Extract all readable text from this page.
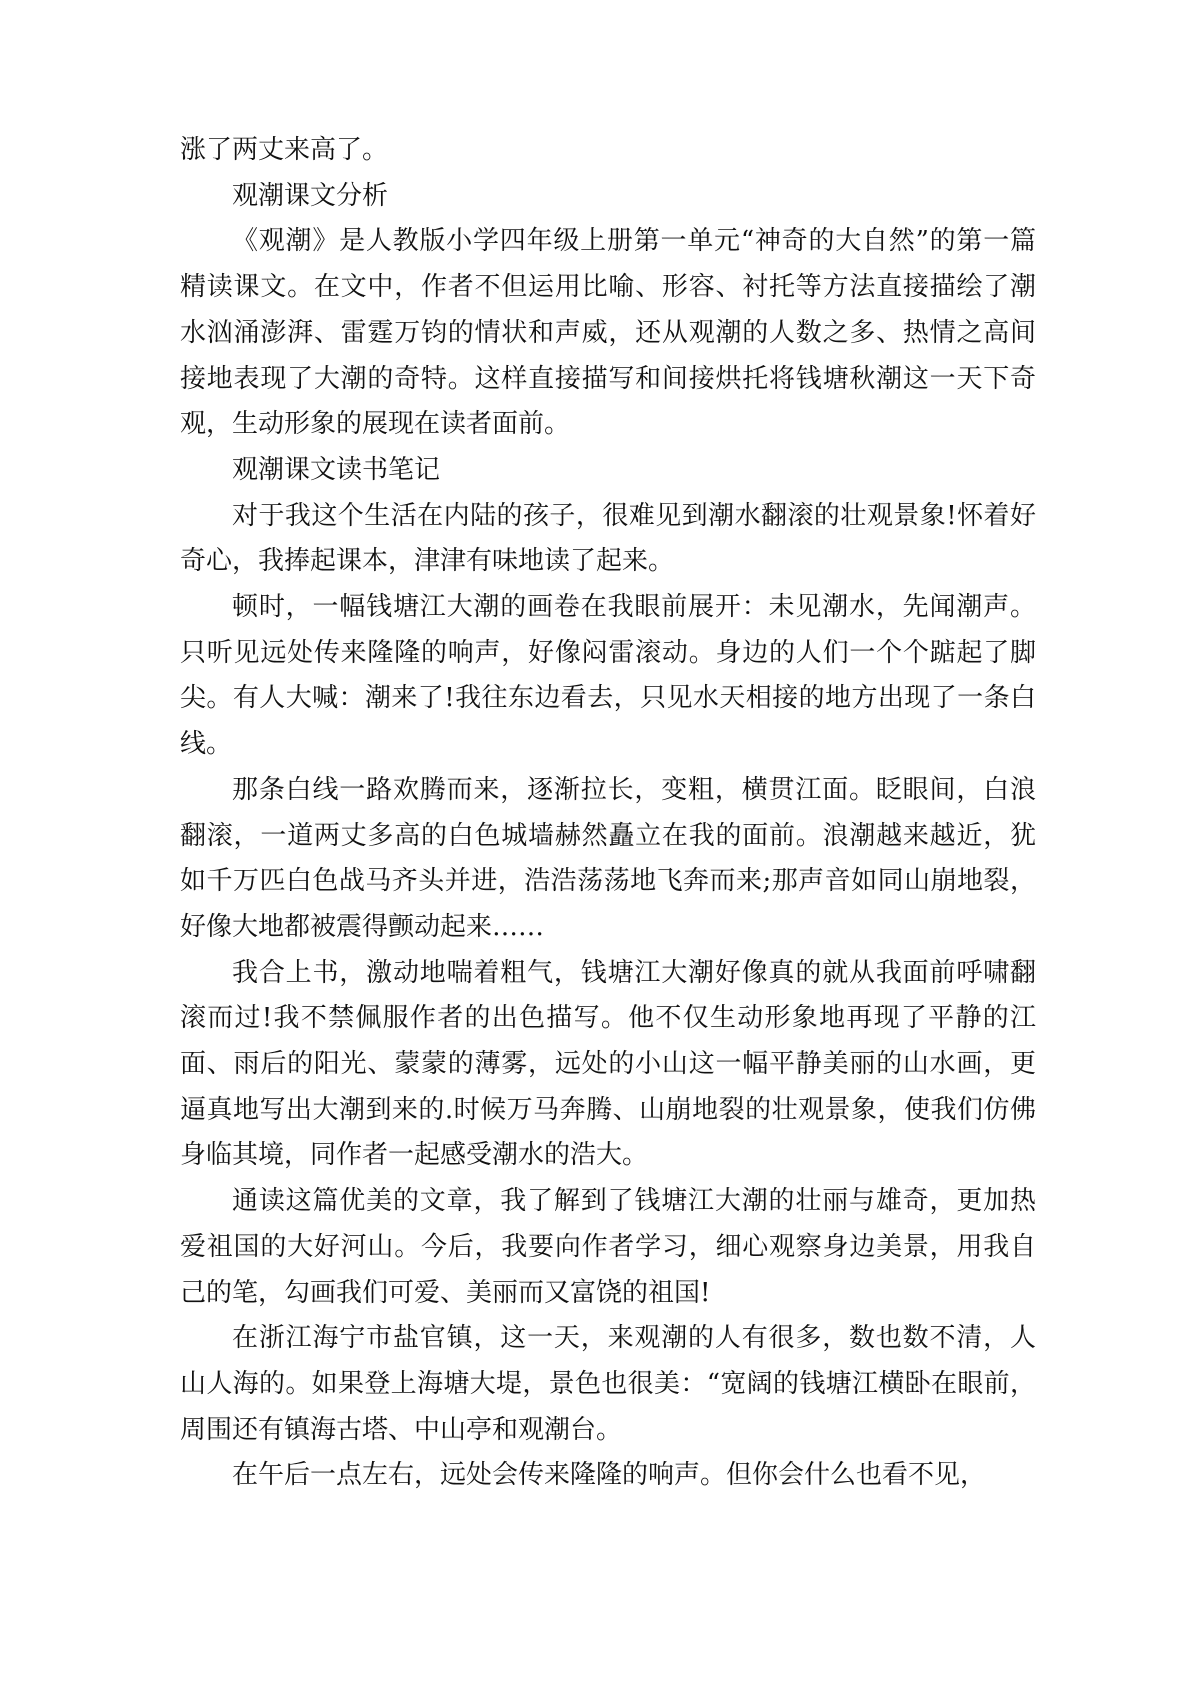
涨了两丈来高了。

观潮课文分析

《观潮》是人教版小学四年级上册第一单元“神奇的大自然”的第一篇精读课文。在文中，作者不但运用比喻、形容、衬托等方法直接描绘了潮水汹涌澎湃、雷霆万钧的情状和声威，还从观潮的人数之多、热情之高间接地表现了大潮的奇特。这样直接描写和间接烘托将钱塘秋潮这一天下奇观，生动形象的展现在读者面前。

观潮课文读书笔记

对于我这个生活在内陆的孩子，很难见到潮水翻滚的壮观景象!怀着好奇心，我捧起课本，津津有味地读了起来。

顿时，一幅钱塘江大潮的画卷在我眼前展开：未见潮水，先闻潮声。只听见远处传来隆隆的响声，好像闷雷滚动。身边的人们一个个踮起了脚尖。有人大喊：潮来了!我往东边看去，只见水天相接的地方出现了一条白线。

那条白线一路欢腾而来，逐渐拉长，变粗，横贯江面。眨眼间，白浪翻滚，一道两丈多高的白色城墙赫然矗立在我的面前。浪潮越来越近，犹如千万匹白色战马齐头并进，浩浩荡荡地飞奔而来;那声音如同山崩地裂，好像大地都被震得颤动起来……

我合上书，激动地喘着粗气，钱塘江大潮好像真的就从我面前呼啸翻滚而过!我不禁佩服作者的出色描写。他不仅生动形象地再现了平静的江面、雨后的阳光、蒙蒙的薄雾，远处的小山这一幅平静美丽的山水画，更逼真地写出大潮到来的.时候万马奔腾、山崩地裂的壮观景象，使我们仿佛身临其境，同作者一起感受潮水的浩大。

通读这篇优美的文章，我了解到了钱塘江大潮的壮丽与雄奇，更加热爱祖国的大好河山。今后，我要向作者学习，细心观察身边美景，用我自己的笔，勾画我们可爱、美丽而又富饶的祖国!

在浙江海宁市盐官镇，这一天，来观潮的人有很多，数也数不清，人山人海的。如果登上海塘大堤，景色也很美：“宽阔的钱塘江横卧在眼前，周围还有镇海古塔、中山亭和观潮台。

在午后一点左右，远处会传来隆隆的响声。但你会什么也看不见，
